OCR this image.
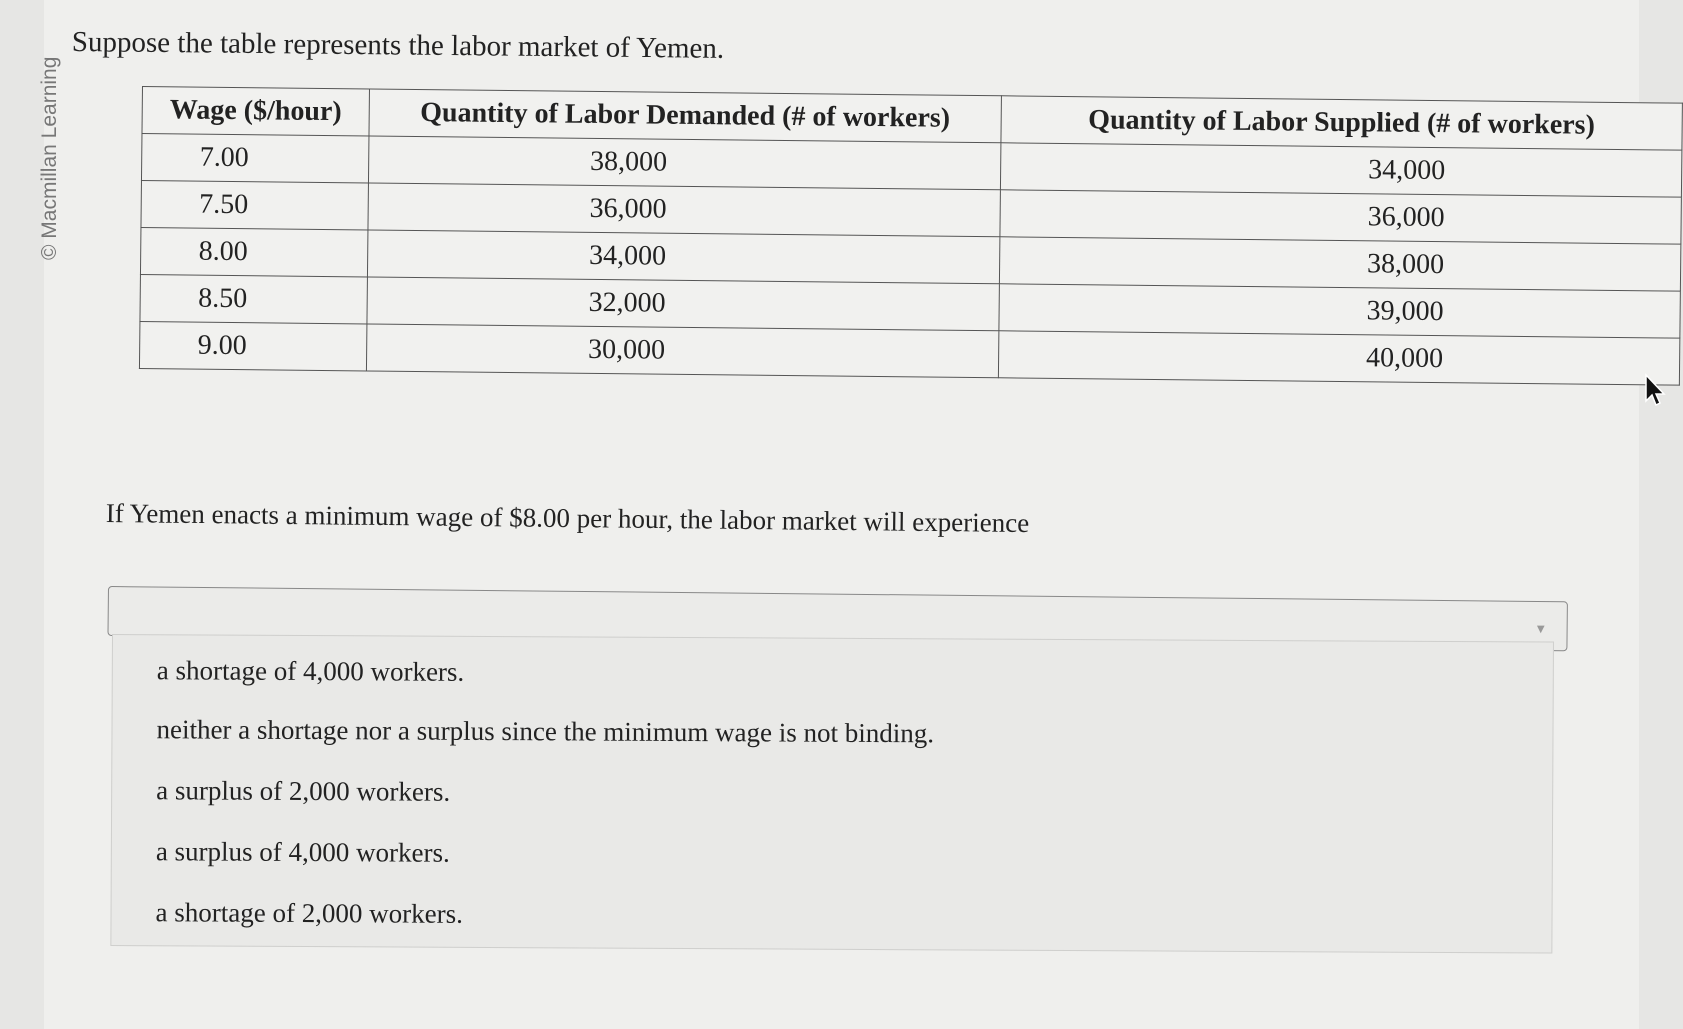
© Macmillan Learning
Suppose the table represents the labor market of Yemen.
Wage ($/hour)	Quantity of Labor Demanded (# of workers)	Quantity of Labor Supplied (# of workers)
7.00	38,000	34,000
7.50	36,000	36,000
8.00	34,000	38,000
8.50	32,000	39,000
9.00	30,000	40,000
If Yemen enacts a minimum wage of $8.00 per hour, the labor market will experience
▼
a shortage of 4,000 workers.
neither a shortage nor a surplus since the minimum wage is not binding.
a surplus of 2,000 workers.
a surplus of 4,000 workers.
a shortage of 2,000 workers.
